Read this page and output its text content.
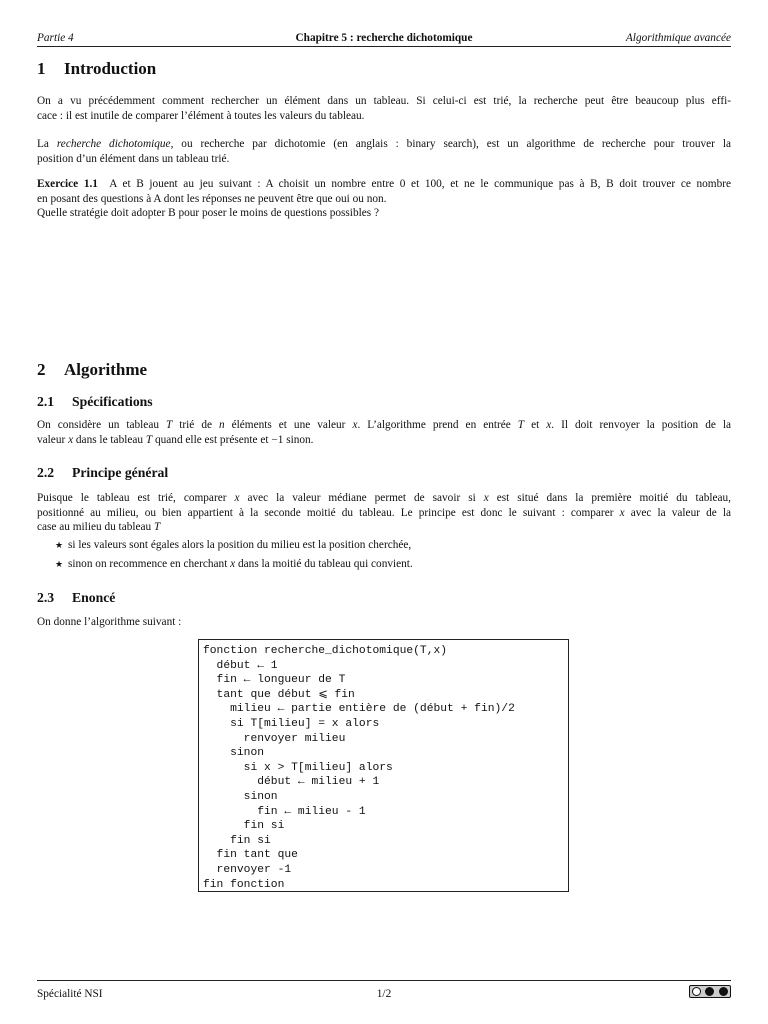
Partie 4	Chapitre 5 : recherche dichotomique	Algorithmique avancée
1 Introduction

On a vu précédemment comment rechercher un élément dans un tableau. Si celui-ci est trié, la recherche peut être beaucoup plus effi-
cace : il est inutile de comparer l’élément à toutes les valeurs du tableau.

La recherche dichotomique, ou recherche par dichotomie (en anglais : binary search), est un algorithme de recherche pour trouver la
position d’un élément dans un tableau trié.

Exercice 1.1 A et B jouent au jeu suivant : A choisit un nombre entre 0 et 100, et ne le communique pas à B, B doit trouver ce nombre
en posant des questions à A dont les réponses ne peuvent être que oui ou non.
Quelle stratégie doit adopter B pour poser le moins de questions possibles ?

2 Algorithme
2.1 Spécifications

On considère un tableau T trié de n éléments et une valeur x. L’algorithme prend en entrée T et x. Il doit renvoyer la position de la
valeur x dans le tableau T quand elle est présente et −1 sinon.

2.2 Principe général

Puisque le tableau est trié, comparer x avec la valeur médiane permet de savoir si x est situé dans la première moitié du tableau,
positionné au milieu, ou bien appartient à la seconde moitié du tableau. Le principe est donc le suivant : comparer x avec la valeur de la
case au milieu du tableau T

★ si les valeurs sont égales alors la position du milieu est la position cherchée,
★ sinon on recommence en cherchant x dans la moitié du tableau qui convient.
2.3 Enoncé

On donne l’algorithme suivant :

fonction recherche_dichotomique(T,x)
début ← 1
fin ← longueur de T
tant que début ⩽ fin
milieu ← partie entière de (début + fin)/2
si T[milieu] = x alors
renvoyer milieu
sinon
si x > T[milieu] alors
début ← milieu + 1
sinon
fin ← milieu - 1
fin si
fin si
fin tant que
renvoyer -1
fin fonction
Spécialité NSI	1/2
